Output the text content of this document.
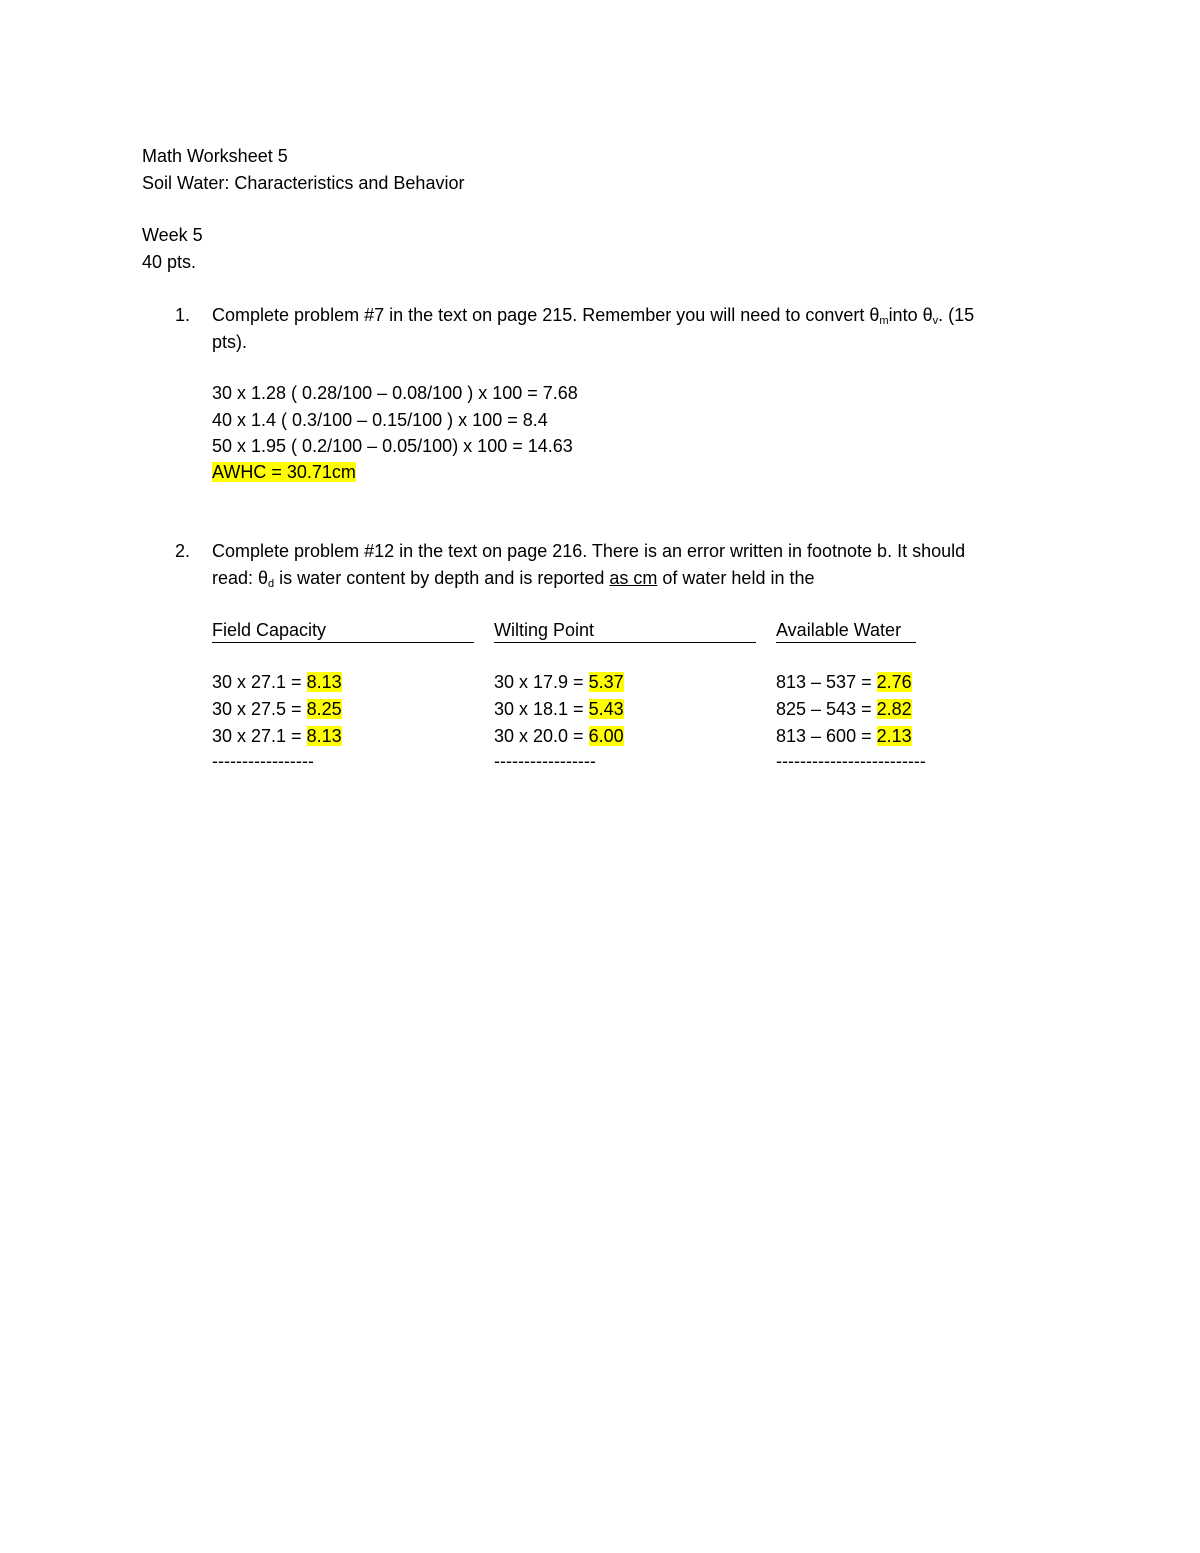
Math Worksheet 5
Soil Water: Characteristics and Behavior
Week 5
40 pts.
1. Complete problem #7 in the text on page 215. Remember you will need to convert $\theta_minto$ $\theta_v$. (15
pts).
30 x 1.28 ( 0.28/100 – 0.08/100 ) x 100 = 7.68
40 x 1.4 ( 0.3/100 – 0.15/100 ) x 100 = 8.4
50 x 1.95 ( 0.2/100 – 0.05/100) x 100 = 14.63
AWHC = 30.71cm
2. Complete problem #12 in the text on page 216. There is an error written in footnote b. It should
read: $\theta_d$ is water content by depth and is reported as cm of water held in the
Field Capacity	Wilting Point	Available Water
30 x 27.1 = 8.13	30 x 17.9 = 5.37	813 – 537 = 2.76
30 x 27.5 = 8.25	30 x 18.1 = 5.43	825 – 543 = 2.82
30 x 27.1 = 8.13	30 x 20.0 = 6.00	813 – 600 = 2.13
-----------------	-----------------	-------------------------
